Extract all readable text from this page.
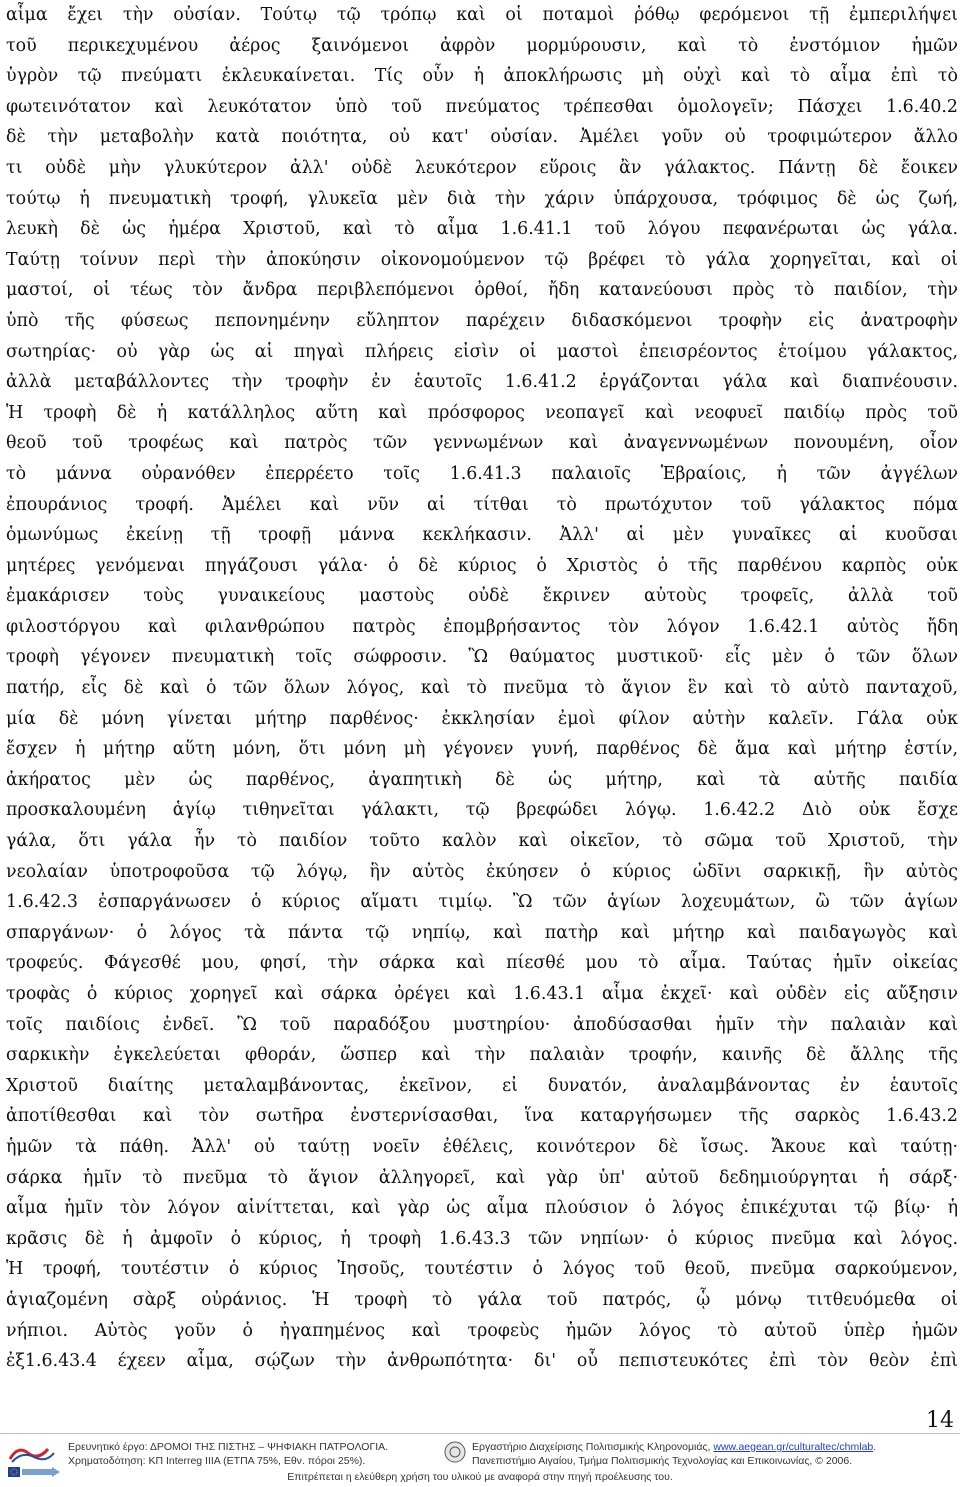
αἷμα ἔχει τὴν οὐσίαν. Τούτῳ τῷ τρόπῳ καὶ οἱ ποταμοὶ ῥόθῳ φερόμενοι τῇ ἐμπεριλήψει
τοῦ περικεχυμένου ἀέρος ξαινόμενοι ἀφρὸν μορμύρουσιν, καὶ τὸ ἐνστόμιον ἡμῶν
ὑγρὸν τῷ πνεύματι ἐκλευκαίνεται. Τίς οὖν ἡ ἀποκλήρωσις μὴ οὐχὶ καὶ τὸ αἷμα ἐπὶ τὸ
φωτεινότατον καὶ λευκότατον ὑπὸ τοῦ πνεύματος τρέπεσθαι ὁμολογεῖν; Πάσχει 1.6.40.2
δὲ τὴν μεταβολὴν κατὰ ποιότητα, οὐ κατ' οὐσίαν. Ἀμέλει γοῦν οὐ τροφιμώτερον ἄλλο
τι οὐδὲ μὴν γλυκύτερον ἀλλ' οὐδὲ λευκότερον εὕροις ἂν γάλακτος. Πάντῃ δὲ ἔοικεν
τούτῳ ἡ πνευματικὴ τροφή, γλυκεῖα μὲν διὰ τὴν χάριν ὑπάρχουσα, τρόφιμος δὲ ὡς ζωή,
λευκὴ δὲ ὡς ἡμέρα Χριστοῦ, καὶ τὸ αἷμα 1.6.41.1 τοῦ λόγου πεφανέρωται ὡς γάλα.
Ταύτῃ τοίνυν περὶ τὴν ἀποκύησιν οἰκονομούμενον τῷ βρέφει τὸ γάλα χορηγεῖται, καὶ οἱ
μαστοί, οἱ τέως τὸν ἄνδρα περιβλεπόμενοι ὀρθοί, ἤδη κατανεύουσι πρὸς τὸ παιδίον, τὴν
ὑπὸ τῆς φύσεως πεπονημένην εὔληπτον παρέχειν διδασκόμενοι τροφὴν εἰς ἀνατροφὴν
σωτηρίας· οὐ γὰρ ὡς αἱ πηγαὶ πλήρεις εἰσὶν οἱ μαστοὶ ἐπεισρέοντος ἑτοίμου γάλακτος,
ἀλλὰ μεταβάλλοντες τὴν τροφὴν ἐν ἑαυτοῖς 1.6.41.2 ἐργάζονται γάλα καὶ διαπνέουσιν.
Ἡ τροφὴ δὲ ἡ κατάλληλος αὕτη καὶ πρόσφορος νεοπαγεῖ καὶ νεοφυεῖ παιδίῳ πρὸς τοῦ
θεοῦ τοῦ τροφέως καὶ πατρὸς τῶν γεννωμένων καὶ ἀναγεννωμένων πονουμένη, οἷον
τὸ μάννα οὐρανόθεν ἐπερρέετο τοῖς 1.6.41.3 παλαιοῖς Ἑβραίοις, ἡ τῶν ἀγγέλων
ἐπουράνιος τροφή. Ἀμέλει καὶ νῦν αἱ τίτθαι τὸ πρωτόχυτον τοῦ γάλακτος πόμα
ὁμωνύμως ἐκείνῃ τῇ τροφῇ μάννα κεκλήκασιν. Ἀλλ' αἱ μὲν γυναῖκες αἱ κυοῦσαι
μητέρες γενόμεναι πηγάζουσι γάλα· ὁ δὲ κύριος ὁ Χριστὸς ὁ τῆς παρθένου καρπὸς οὐκ
ἐμακάρισεν τοὺς γυναικείους μαστοὺς οὐδὲ ἔκρινεν αὐτοὺς τροφεῖς, ἀλλὰ τοῦ
φιλοστόργου καὶ φιλανθρώπου πατρὸς ἐπομβρήσαντος τὸν λόγον 1.6.42.1 αὐτὸς ἤδη
τροφὴ γέγονεν πνευματικὴ τοῖς σώφροσιν. Ὢ θαύματος μυστικοῦ· εἷς μὲν ὁ τῶν ὅλων
πατήρ, εἷς δὲ καὶ ὁ τῶν ὅλων λόγος, καὶ τὸ πνεῦμα τὸ ἅγιον ἓν καὶ τὸ αὐτὸ πανταχοῦ,
μία δὲ μόνη γίνεται μήτηρ παρθένος· ἐκκλησίαν ἐμοὶ φίλον αὐτὴν καλεῖν. Γάλα οὐκ
ἔσχεν ἡ μήτηρ αὕτη μόνη, ὅτι μόνη μὴ γέγονεν γυνή, παρθένος δὲ ἅμα καὶ μήτηρ ἐστίν,
ἀκήρατος μὲν ὡς παρθένος, ἀγαπητικὴ δὲ ὡς μήτηρ, καὶ τὰ αὑτῆς παιδία
προσκαλουμένη ἁγίῳ τιθηνεῖται γάλακτι, τῷ βρεφώδει λόγῳ. 1.6.42.2 Διὸ οὐκ ἔσχε
γάλα, ὅτι γάλα ἦν τὸ παιδίον τοῦτο καλὸν καὶ οἰκεῖον, τὸ σῶμα τοῦ Χριστοῦ, τὴν
νεολαίαν ὑποτροφοῦσα τῷ λόγῳ, ἣν αὐτὸς ἐκύησεν ὁ κύριος ὠδῖνι σαρκικῇ, ἣν αὐτὸς
1.6.42.3 ἐσπαργάνωσεν ὁ κύριος αἵματι τιμίῳ. Ὢ τῶν ἁγίων λοχευμάτων, ὢ τῶν ἁγίων
σπαργάνων· ὁ λόγος τὰ πάντα τῷ νηπίῳ, καὶ πατὴρ καὶ μήτηρ καὶ παιδαγωγὸς καὶ
τροφεύς. Φάγεσθέ μου, φησί, τὴν σάρκα καὶ πίεσθέ μου τὸ αἷμα. Ταύτας ἡμῖν οἰκείας
τροφὰς ὁ κύριος χορηγεῖ καὶ σάρκα ὀρέγει καὶ 1.6.43.1 αἷμα ἐκχεῖ· καὶ οὐδὲν εἰς αὔξησιν
τοῖς παιδίοις ἐνδεῖ. Ὢ τοῦ παραδόξου μυστηρίου· ἀποδύσασθαι ἡμῖν τὴν παλαιὰν καὶ
σαρκικὴν ἐγκελεύεται φθοράν, ὥσπερ καὶ τὴν παλαιὰν τροφήν, καινῆς δὲ ἄλλης τῆς
Χριστοῦ διαίτης μεταλαμβάνοντας, ἐκεῖνον, εἰ δυνατόν, ἀναλαμβάνοντας ἐν ἑαυτοῖς
ἀποτίθεσθαι καὶ τὸν σωτῆρα ἐνστερνίσασθαι, ἵνα καταργήσωμεν τῆς σαρκὸς 1.6.43.2
ἡμῶν τὰ πάθη. Ἀλλ' οὐ ταύτῃ νοεῖν ἐθέλεις, κοινότερον δὲ ἴσως. Ἄκουε καὶ ταύτῃ·
σάρκα ἡμῖν τὸ πνεῦμα τὸ ἅγιον ἀλληγορεῖ, καὶ γὰρ ὑπ' αὐτοῦ δεδημιούργηται ἡ σάρξ·
αἷμα ἡμῖν τὸν λόγον αἰνίττεται, καὶ γὰρ ὡς αἷμα πλούσιον ὁ λόγος ἐπικέχυται τῷ βίῳ· ἡ
κρᾶσις δὲ ἡ ἀμφοῖν ὁ κύριος, ἡ τροφὴ 1.6.43.3 τῶν νηπίων· ὁ κύριος πνεῦμα καὶ λόγος.
Ἡ τροφή, τουτέστιν ὁ κύριος Ἰησοῦς, τουτέστιν ὁ λόγος τοῦ θεοῦ, πνεῦμα σαρκούμενον,
ἁγιαζομένη σὰρξ οὐράνιος. Ἡ τροφὴ τὸ γάλα τοῦ πατρός, ᾧ μόνῳ τιτθευόμεθα οἱ
νήπιοι. Αὐτὸς γοῦν ὁ ἠγαπημένος καὶ τροφεὺς ἡμῶν λόγος τὸ αὑτοῦ ὑπὲρ ἡμῶν
ἐξ1.6.43.4 έχεεν αἷμα, σῴζων τὴν ἀνθρωπότητα· δι' οὗ πεπιστευκότες ἐπὶ τὸν θεὸν ἐπὶ
14
Ερευνητικό έργο: ΔΡΟΜΟΙ ΤΗΣ ΠΙΣΤΗΣ – ΨΗΦΙΑΚΗ ΠΑΤΡΟΛΟΓΙΑ.
Χρηματοδότηση: ΚΠ Interreg IIIA (ΕΤΠΑ 75%, Εθν. πόροι 25%).
Εργαστήριο Διαχείρισης Πολιτισμικής Κληρονομιάς, www.aegean.gr/culturaltec/chmlab.
Πανεπιστήμιο Αιγαίου, Τμήμα Πολιτισμικής Τεχνολογίας και Επικοινωνίας, © 2006.
Επιτρέπεται η ελεύθερη χρήση του υλικού με αναφορά στην πηγή προέλευσης του.
